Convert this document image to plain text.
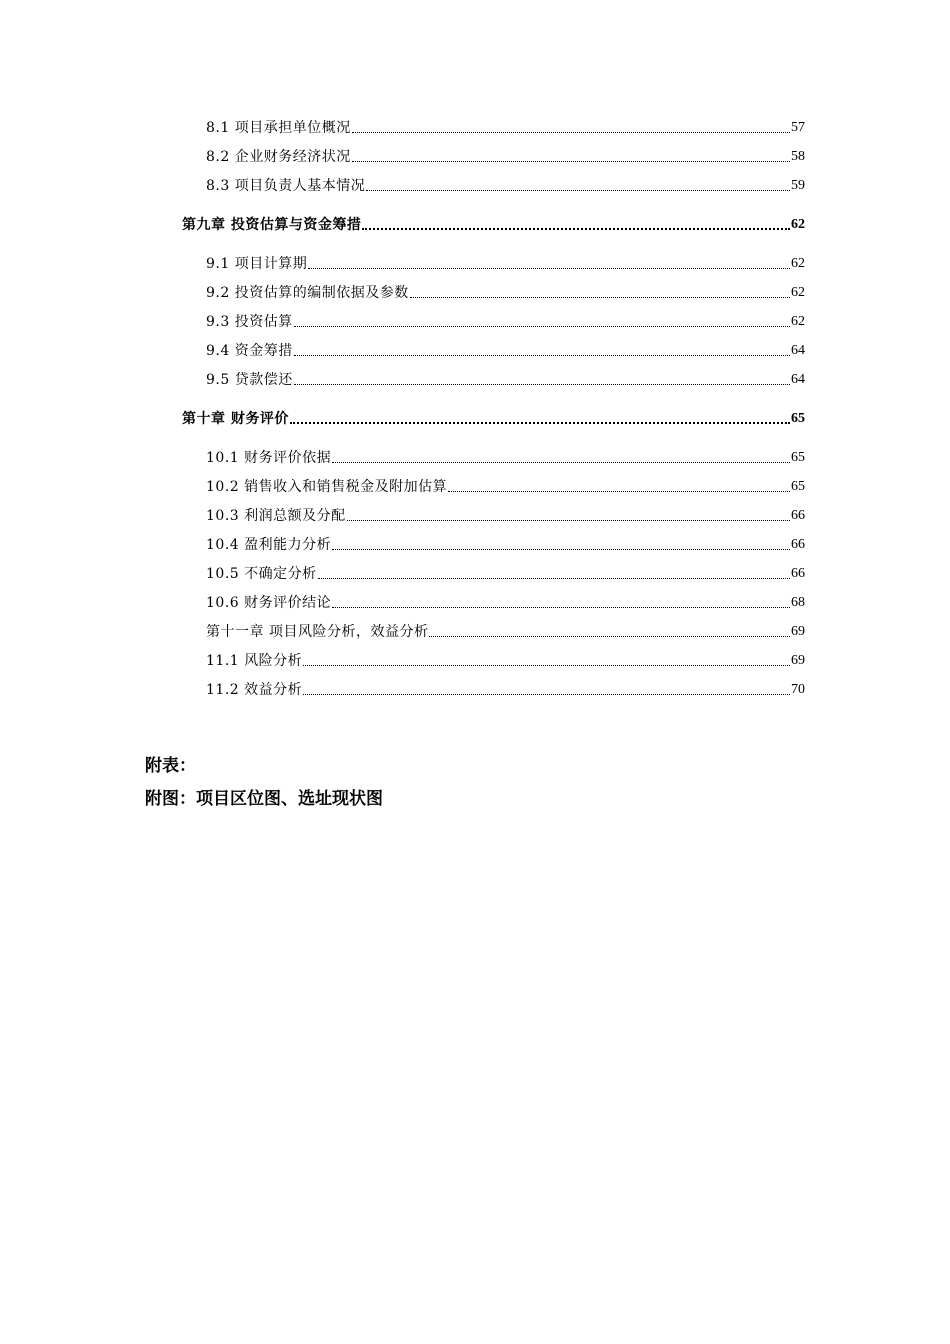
8.1 项目承担单位概况	57
8.2 企业财务经济状况	58
8.3 项目负责人基本情况	59
第九章 投资估算与资金筹措	62
9.1 项目计算期	62
9.2 投资估算的编制依据及参数	62
9.3 投资估算	62
9.4 资金筹措	64
9.5 贷款偿还	64
第十章 财务评价	65
10.1 财务评价依据	65
10.2 销售收入和销售税金及附加估算	65
10.3 利润总额及分配	66
10.4 盈利能力分析	66
10.5 不确定分析	66
10.6 财务评价结论	68
第十一章 项目风险分析，效益分析	69
11.1 风险分析	69
11.2 效益分析	70
附表：
附图：项目区位图、选址现状图
